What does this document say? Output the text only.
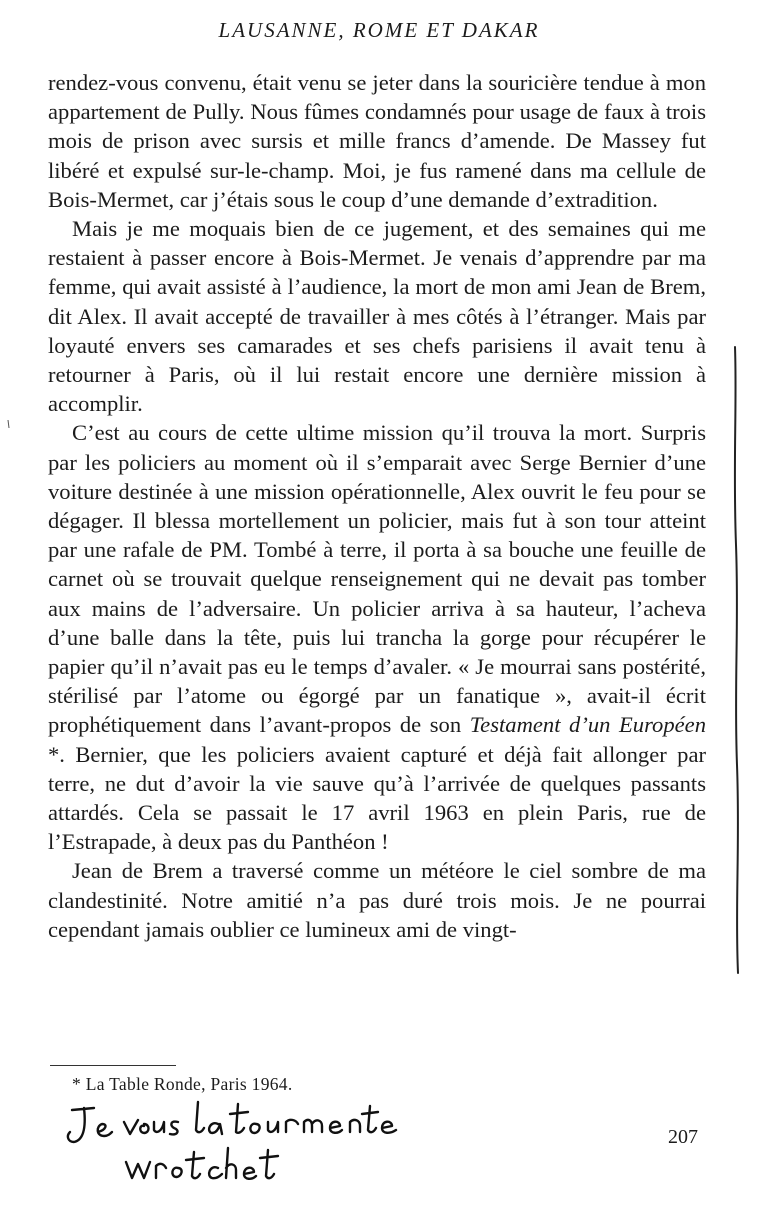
LAUSANNE, ROME ET DAKAR

rendez-vous convenu, était venu se jeter dans la souricière tendue à mon appartement de Pully. Nous fûmes condamnés pour usage de faux à trois mois de prison avec sursis et mille francs d’amende. De Massey fut libéré et expulsé sur-le-champ. Moi, je fus ramené dans ma cellule de Bois-Mermet, car j’étais sous le coup d’une demande d’extradition.

Mais je me moquais bien de ce jugement, et des semaines qui me restaient à passer encore à Bois-Mermet. Je venais d’apprendre par ma femme, qui avait assisté à l’audience, la mort de mon ami Jean de Brem, dit Alex. Il avait accepté de travailler à mes côtés à l’étranger. Mais par loyauté envers ses camarades et ses chefs parisiens il avait tenu à retourner à Paris, où il lui restait encore une dernière mission à accomplir.

C’est au cours de cette ultime mission qu’il trouva la mort. Surpris par les policiers au moment où il s’emparait avec Serge Bernier d’une voiture destinée à une mission opérationnelle, Alex ouvrit le feu pour se dégager. Il blessa mortellement un policier, mais fut à son tour atteint par une rafale de PM. Tombé à terre, il porta à sa bouche une feuille de carnet où se trouvait quelque renseignement qui ne devait pas tomber aux mains de l’adversaire. Un policier arriva à sa hauteur, l’acheva d’une balle dans la tête, puis lui trancha la gorge pour récupérer le papier qu’il n’avait pas eu le temps d’avaler. « Je mourrai sans postérité, stérilisé par l’atome ou égorgé par un fanatique », avait-il écrit prophétiquement dans l’avant-propos de son Testament d’un Européen *. Bernier, que les policiers avaient capturé et déjà fait allonger par terre, ne dut d’avoir la vie sauve qu’à l’arrivée de quelques passants attardés. Cela se passait le 17 avril 1963 en plein Paris, rue de l’Estrapade, à deux pas du Panthéon !

Jean de Brem a traversé comme un météore le ciel sombre de ma clandestinité. Notre amitié n’a pas duré trois mois. Je ne pourrai cependant jamais oublier ce lumineux ami de vingt-

* La Table Ronde, Paris 1964.
207
